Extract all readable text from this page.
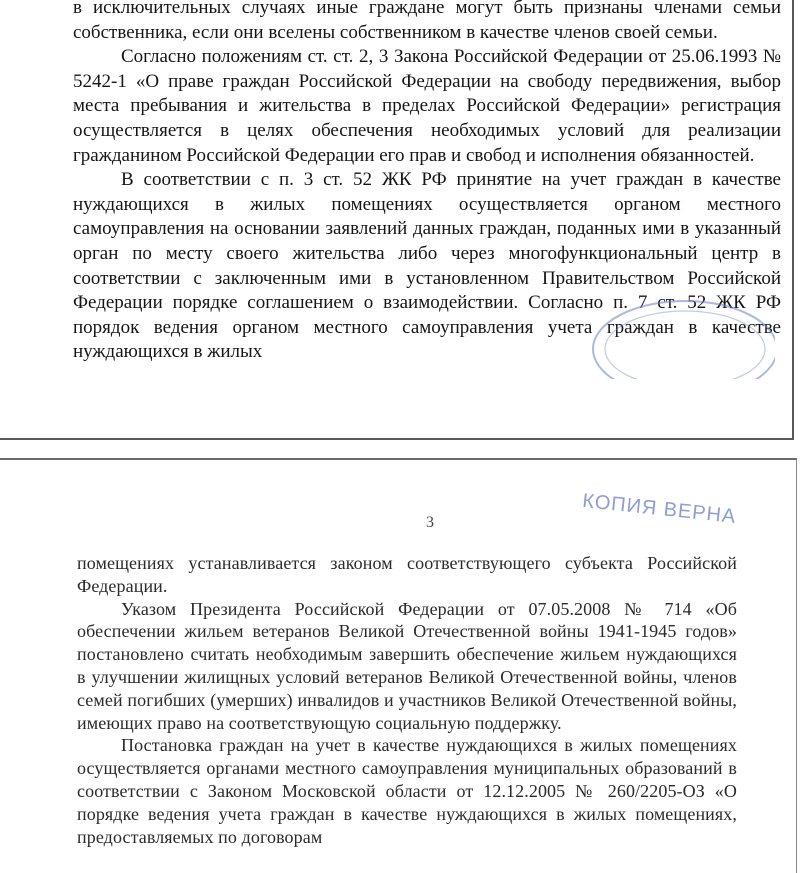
в исключительных случаях иные граждане могут быть признаны членами семьи собственника, если они вселены собственником в качестве членов своей семьи.

Согласно положениям ст. ст. 2, 3 Закона Российской Федерации от 25.06.1993 № 5242-1 «О праве граждан Российской Федерации на свободу передвижения, выбор места пребывания и жительства в пределах Российской Федерации» регистрация осуществляется в целях обеспечения необходимых условий для реализации гражданином Российской Федерации его прав и свобод и исполнения обязанностей.

В соответствии с п. 3 ст. 52 ЖК РФ принятие на учет граждан в качестве нуждающихся в жилых помещениях осуществляется органом местного самоуправления на основании заявлений данных граждан, поданных ими в указанный орган по месту своего жительства либо через многофункциональный центр в соответствии с заключенным ими в установленном Правительством Российской Федерации порядке соглашением о взаимодействии. Согласно п. 7 ст. 52 ЖК РФ порядок ведения органом местного самоуправления учета граждан в качестве нуждающихся в жилых

помещениях устанавливается законом соответствующего субъекта Российской Федерации.

Указом Президента Российской Федерации от 07.05.2008 № 714 «Об обеспечении жильем ветеранов Великой Отечественной войны 1941-1945 годов» постановлено считать необходимым завершить обеспечение жильем нуждающихся в улучшении жилищных условий ветеранов Великой Отечественной войны, членов семей погибших (умерших) инвалидов и участников Великой Отечественной войны, имеющих право на соответствующую социальную поддержку.

Постановка граждан на учет в качестве нуждающихся в жилых помещениях осуществляется органами местного самоуправления муниципальных образований в соответствии с Законом Московской области от 12.12.2005 № 260/2205-ОЗ «О порядке ведения учета граждан в качестве нуждающихся в жилых помещениях, предоставляемых по договорам

3	КОПИЯ ВЕРНА
